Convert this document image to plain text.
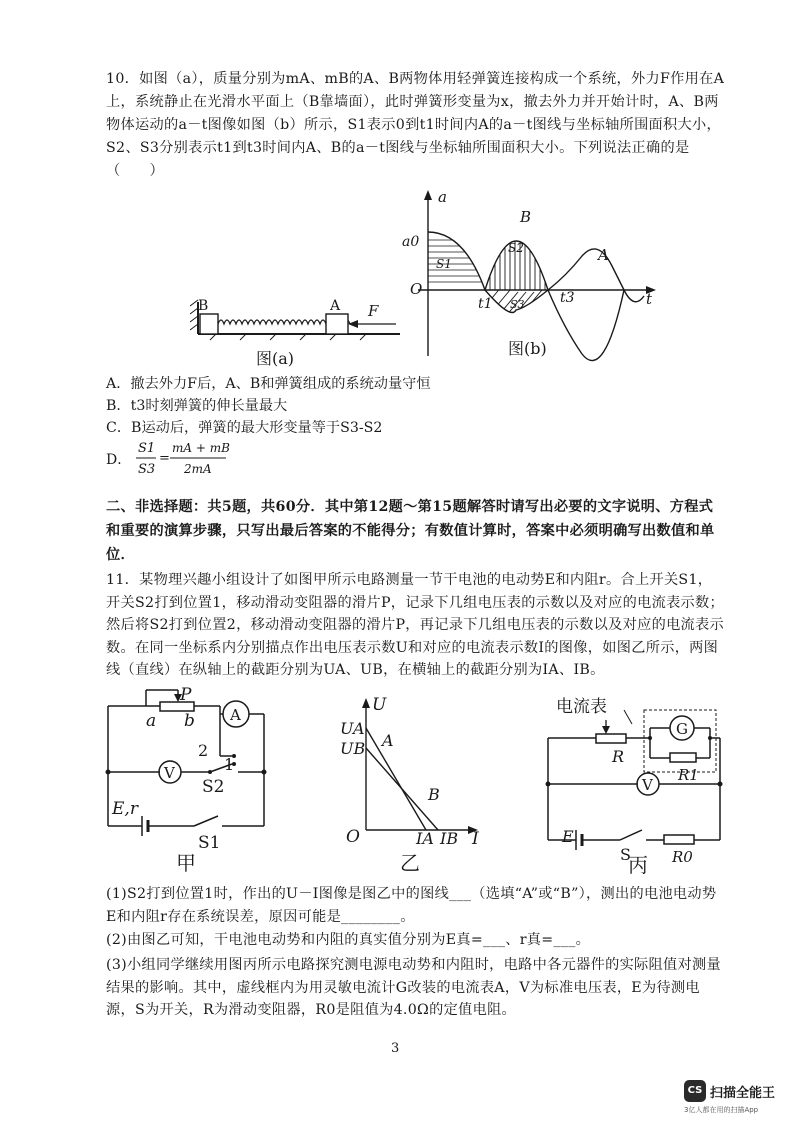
10．如图（a），质量分别为mA、mB的A、B两物体用轻弹簧连接构成一个系统，外力F作用在A上，系统静止在光滑水平面上（B靠墙面），此时弹簧形变量为x，撤去外力并开始计时，A、B两物体运动的a－t图像如图（b）所示，S1表示0到t1时间内A的a－t图线与坐标轴所围面积大小，S2、S3分别表示t1到t3时间内A、B的a－t图线与坐标轴所围面积大小。下列说法正确的是（　　）

B	A F
图(a)
a
t
O
a0
B
A
S1
S2
S3
t1	t3
图(b)
A．撤去外力F后，A、B和弹簧组成的系统动量守恒
B．t3时刻弹簧的伸长量最大
C．B运动后，弹簧的最大形变量等于S3-S2
D．
S1
S3
=
mA + mB
2mA

二、非选择题：共5题，共60分．其中第12题～第15题解答时请写出必要的文字说明、方程式和重要的演算步骤，只写出最后答案的不能得分；有数值计算时，答案中必须明确写出数值和单位．

11．某物理兴趣小组设计了如图甲所示电路测量一节干电池的电动势E和内阻r。合上开关S1，开关S2打到位置1，移动滑动变阻器的滑片P，记录下几组电压表的示数以及对应的电流表示数；然后将S2打到位置2，移动滑动变阻器的滑片P，再记录下几组电压表的示数以及对应的电流表示数。在同一坐标系内分别描点作出电压表示数U和对应的电流表示数I的图像，如图乙所示，两图线（直线）在纵轴上的截距分别为UA、UB，在横轴上的截距分别为IA、IB。

P
a b A
V
2
1
S2
E,r
S1
甲
U
I
O
UA
UB A
B
IA IB
乙
电流表
R
G
R1
V
E
S	R0
丙

(1)S2打到位置1时，作出的U－I图像是图乙中的图线___（选填“A”或“B”），测出的电池电动势E和内阻r存在系统误差，原因可能是________。

(2)由图乙可知，干电池电动势和内阻的真实值分别为E真=___、r真=___。

(3)小组同学继续用图丙所示电路探究测电源电动势和内阻时，电路中各元器件的实际阻值对测量结果的影响。其中，虚线框内为用灵敏电流计G改装的电流表A，V为标准电压表，E为待测电源，S为开关，R为滑动变阻器，R0是阻值为4.0Ω的定值电阻。

3
CS 扫描全能王
3亿人都在用的扫描App
